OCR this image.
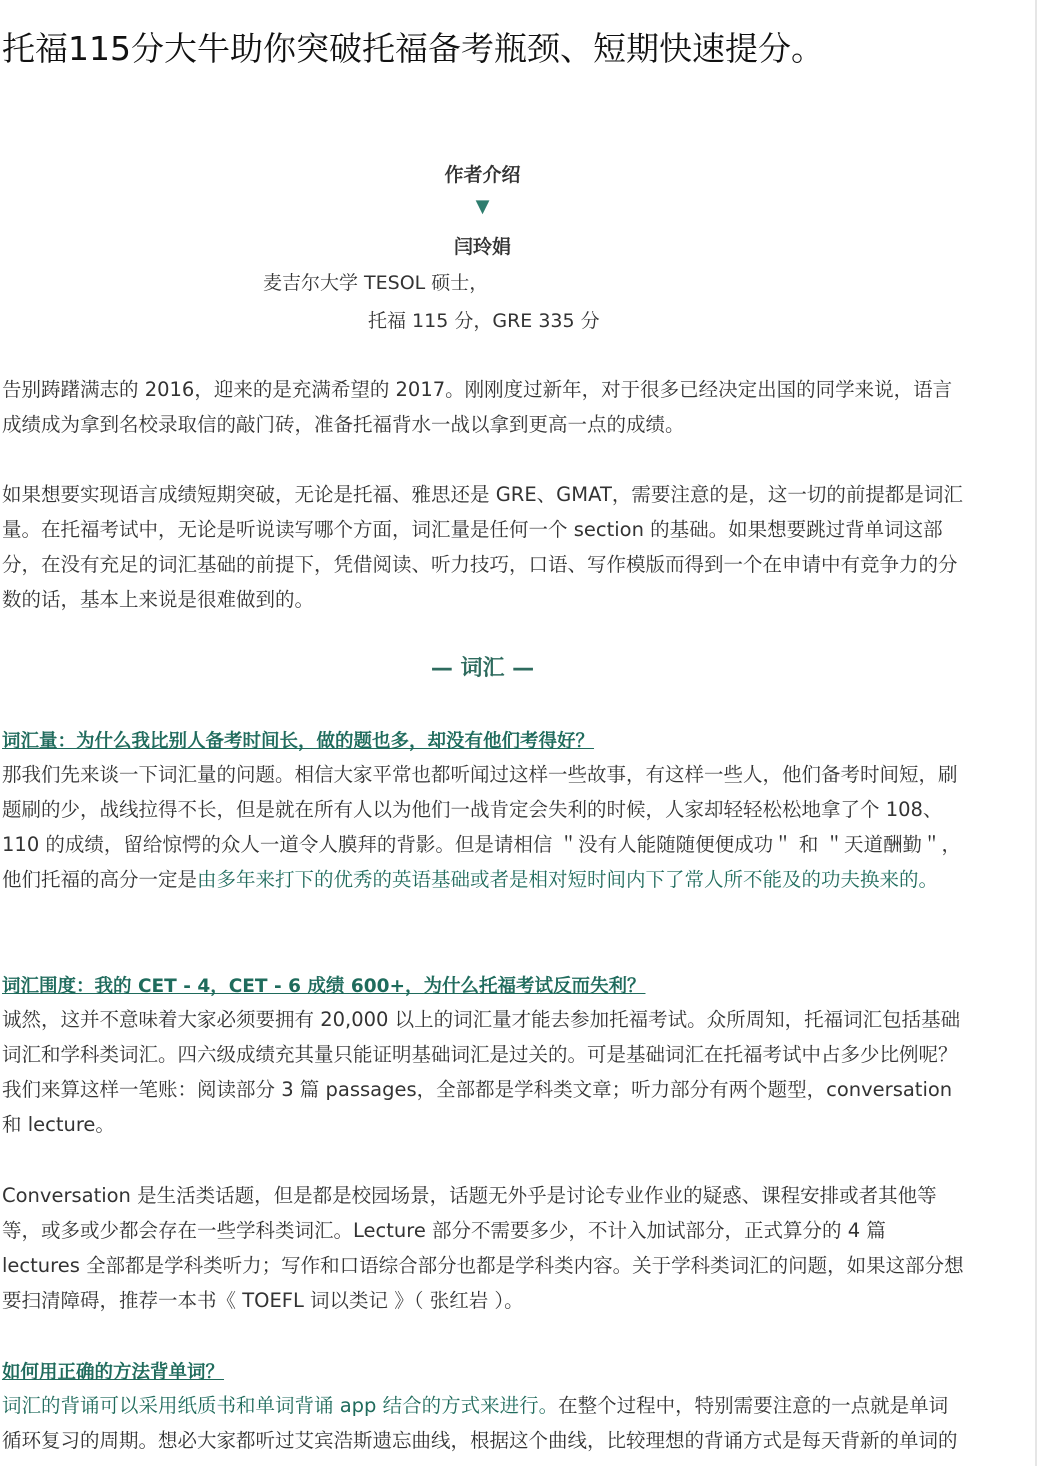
托福115分大牛助你突破托福备考瓶颈、短期快速提分。
作者介绍
▼
闫玲娟
麦吉尔大学 TESOL 硕士，
托福 115 分，GRE 335 分

告别踌躇满志的 2016，迎来的是充满希望的 2017。刚刚度过新年，对于很多已经决定出国的同学来说，语言成绩成为拿到名校录取信的敲门砖，准备托福背水一战以拿到更高一点的成绩。

如果想要实现语言成绩短期突破，无论是托福、雅思还是 GRE、GMAT，需要注意的是，这一切的前提都是词汇量。在托福考试中，无论是听说读写哪个方面，词汇量是任何一个 section 的基础。如果想要跳过背单词这部分，在没有充足的词汇基础的前提下，凭借阅读、听力技巧，口语、写作模版而得到一个在申请中有竞争力的分数的话，基本上来说是很难做到的。

— 词汇 —
词汇量：为什么我比别人备考时间长，做的题也多，却没有他们考得好？

那我们先来谈一下词汇量的问题。相信大家平常也都听闻过这样一些故事，有这样一些人，他们备考时间短，刷题刷的少，战线拉得不长，但是就在所有人以为他们一战肯定会失利的时候，人家却轻轻松松地拿了个 108、110 的成绩，留给惊愕的众人一道令人膜拜的背影。但是请相信 ＂没有人能随随便便成功＂ 和 ＂天道酬勤＂，他们托福的高分一定是由多年来打下的优秀的英语基础或者是相对短时间内下了常人所不能及的功夫换来的。

词汇围度：我的 CET - 4，CET - 6 成绩 600+，为什么托福考试反而失利？

诚然，这并不意味着大家必须要拥有 20,000 以上的词汇量才能去参加托福考试。众所周知，托福词汇包括基础词汇和学科类词汇。四六级成绩充其量只能证明基础词汇是过关的。可是基础词汇在托福考试中占多少比例呢？我们来算这样一笔账：阅读部分 3 篇 passages，全部都是学科类文章；听力部分有两个题型，conversation 和 lecture。

Conversation 是生活类话题，但是都是校园场景，话题无外乎是讨论专业作业的疑惑、课程安排或者其他等等，或多或少都会存在一些学科类词汇。Lecture 部分不需要多少，不计入加试部分，正式算分的 4 篇 lectures 全部都是学科类听力；写作和口语综合部分也都是学科类内容。关于学科类词汇的问题，如果这部分想要扫清障碍，推荐一本书《 TOEFL 词以类记 》（ 张红岩 ）。

如何用正确的方法背单词？

词汇的背诵可以采用纸质书和单词背诵 app 结合的方式来进行。在整个过程中，特别需要注意的一点就是单词循环复习的周期。想必大家都听过艾宾浩斯遗忘曲线，根据这个曲线，比较理想的背诵方式是每天背新的单词的
